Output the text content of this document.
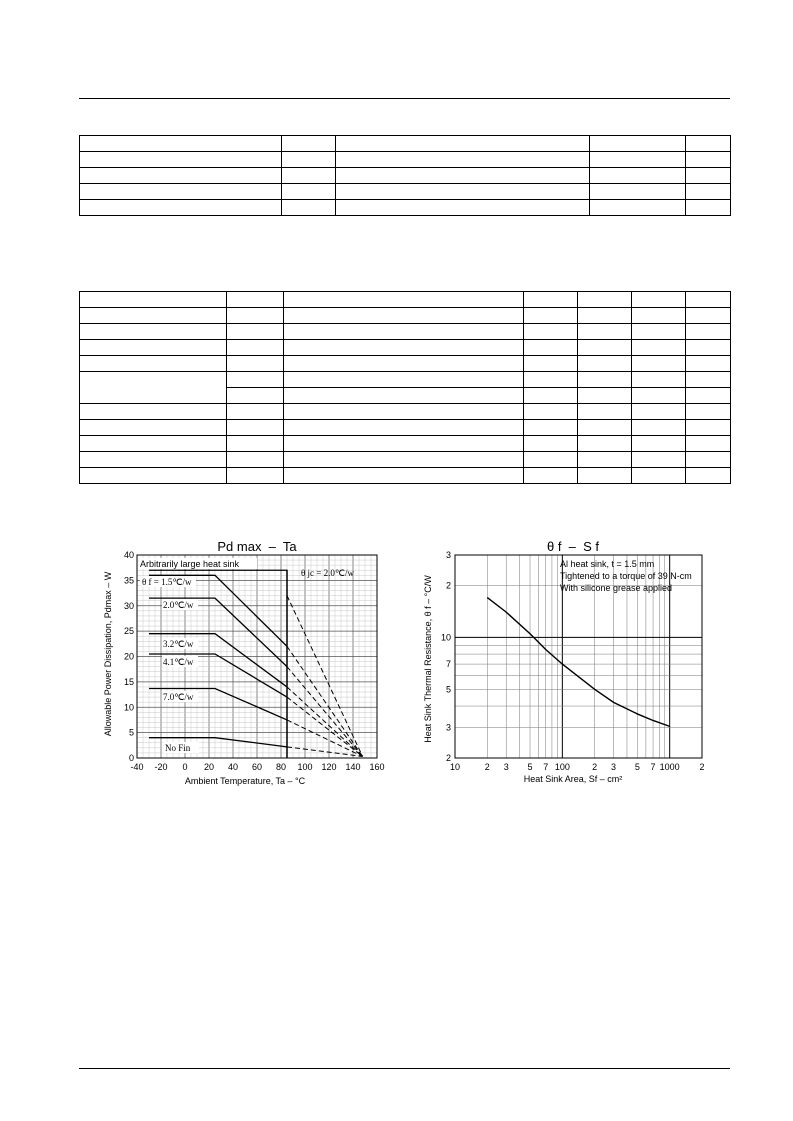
Pd max  –  Ta
-40 -20 0 20 40 60 80 100 120 140 160
0
5
10
15
20
25
30
35
40
Arbitrarily large heat sink
θ jc = 2.0℃/w
θ f = 1.5℃/w
2.0℃/w
3.2℃/w
4.1℃/w
7.0℃/w
No Fin
Ambient Temperature, Ta – °C
Allowable Power Dissipation, Pdmax – W
θ f  –  S f
10	2 3 5 7 100 2 3 5 7 1000 2
2
3
5
7
10
2
3
Al heat sink, t = 1.5 mm
Tightened to a torque of 39 N-cm
With silicone grease applied
Heat Sink Area, Sf – cm²
Heat Sink Thermal Resistance, θ f – °C/W
